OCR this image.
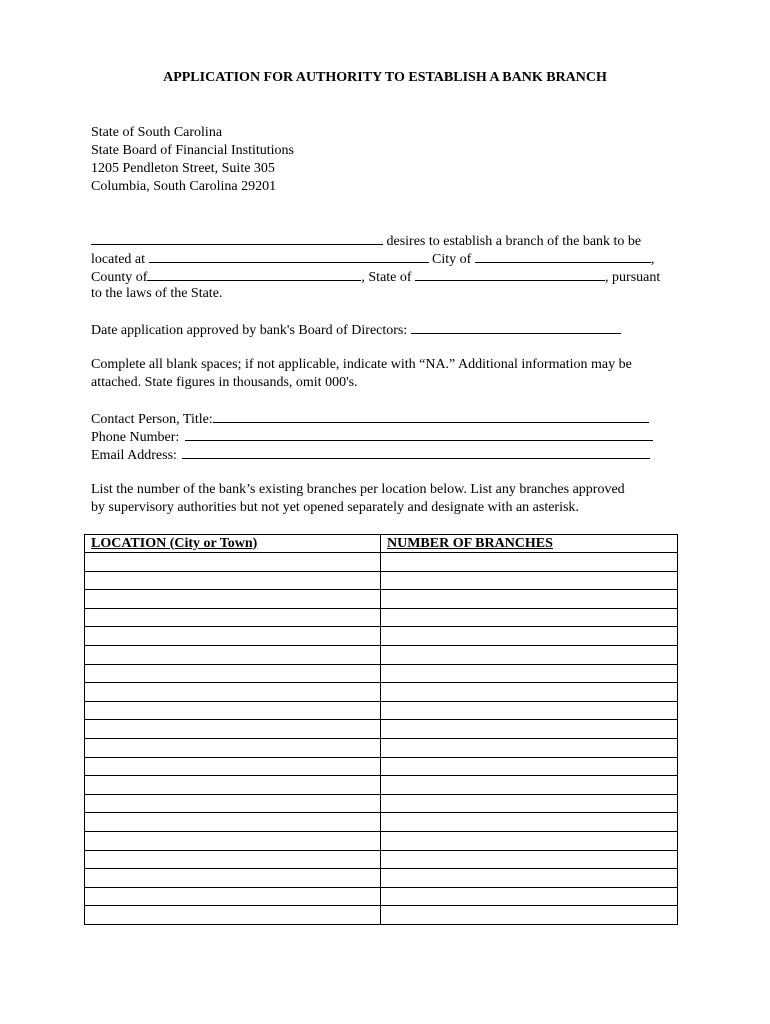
APPLICATION FOR AUTHORITY TO ESTABLISH A BANK BRANCH
State of South Carolina
State Board of Financial Institutions
1205 Pendleton Street, Suite 305
Columbia, South Carolina 29201
desires to establish a branch of the bank to be
located at	City of	,
County of	, State of	, pursuant
to the laws of the State.
Date application approved by bank's Board of Directors:
Complete all blank spaces; if not applicable, indicate with “NA.” Additional information may be
attached. State figures in thousands, omit 000's.
Contact Person, Title:
Phone Number:
Email Address:
List the number of the bank’s existing branches per location below. List any branches approved
by supervisory authorities but not yet opened separately and designate with an asterisk.
LOCATION (City or Town)	NUMBER OF BRANCHES
